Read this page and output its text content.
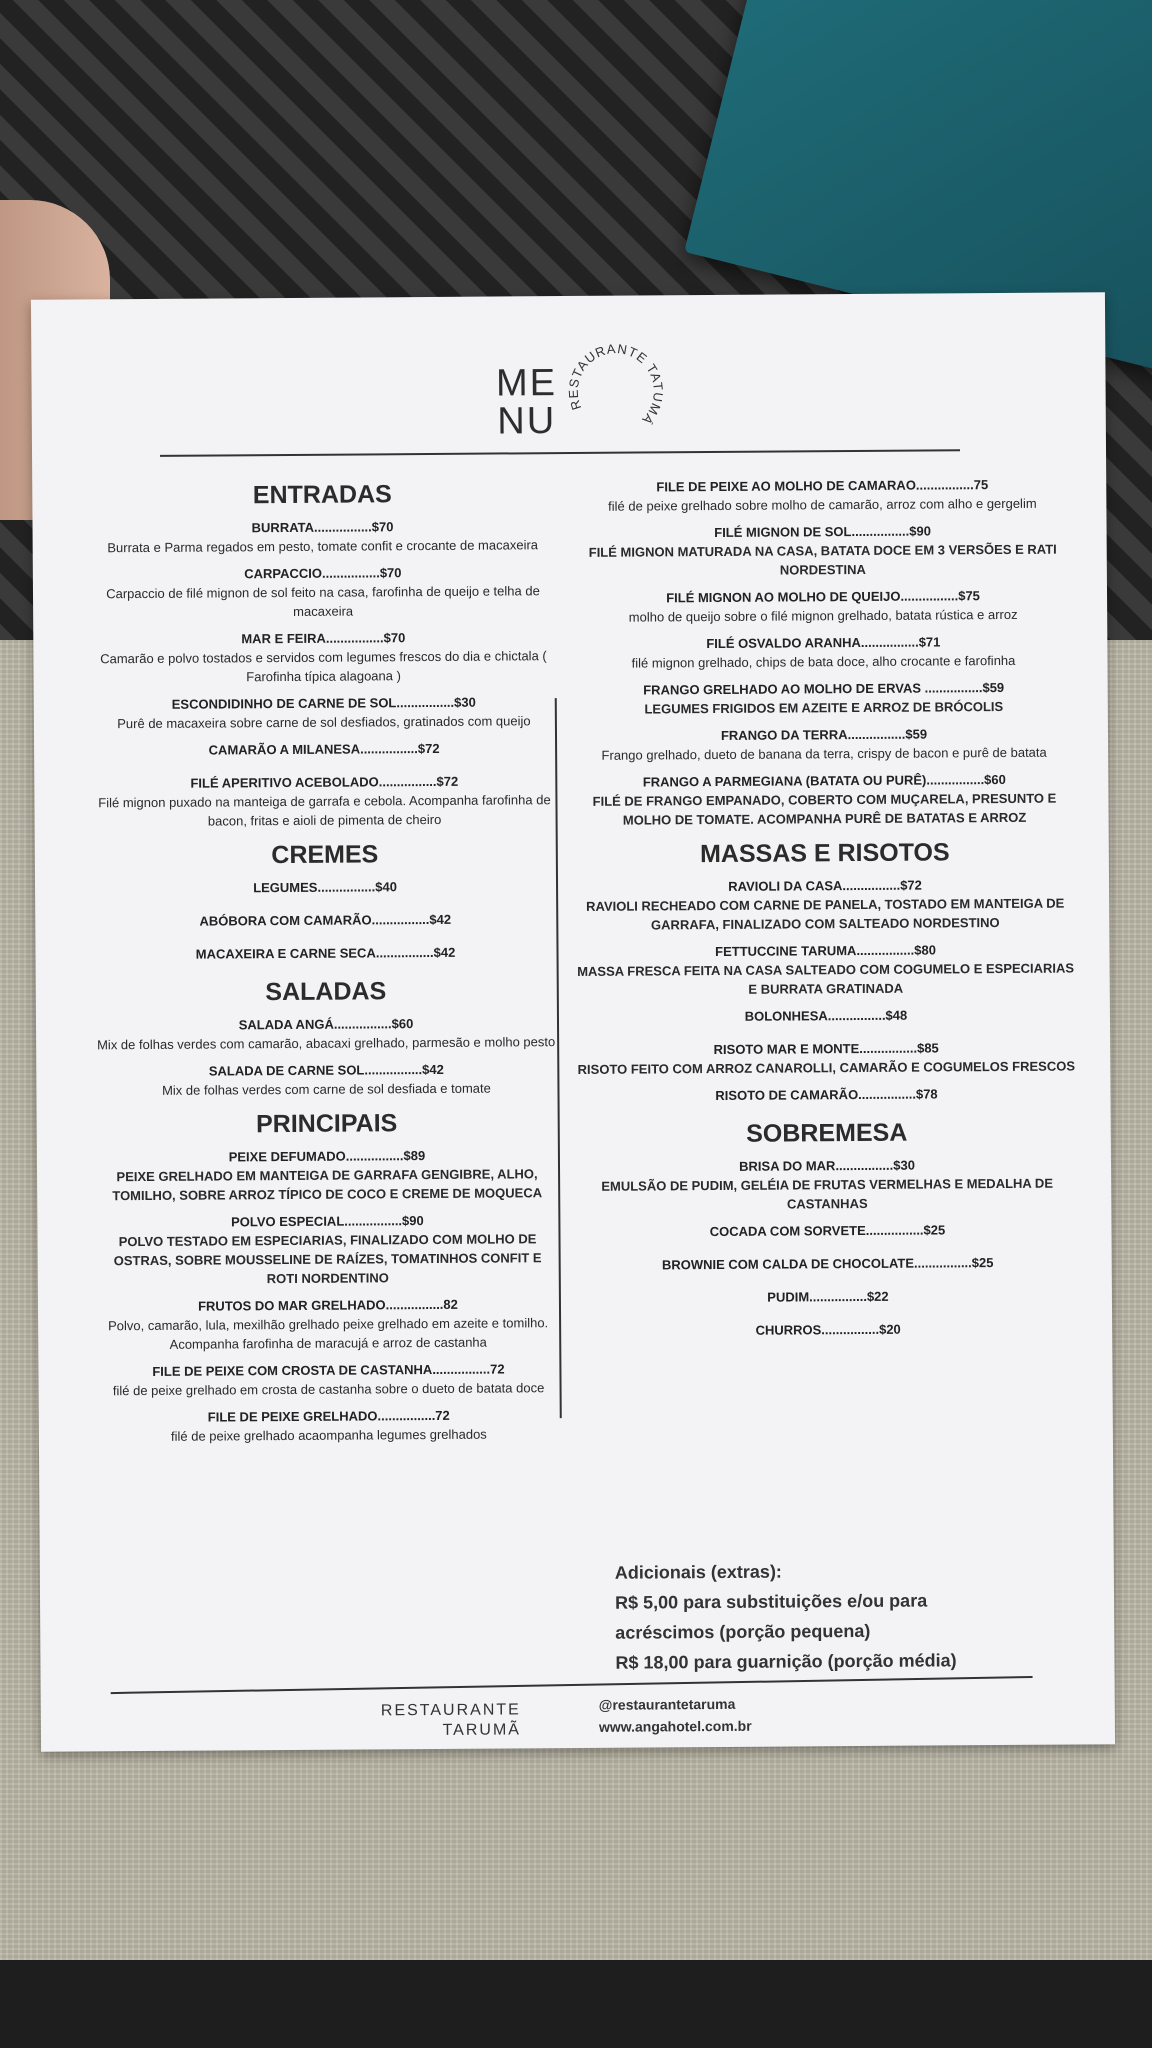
ME
NU RESTAURANTE TATUMÁ
ENTRADAS
BURRATA................$70
Burrata e Parma regados em pesto, tomate confit e crocante de macaxeira
CARPACCIO................$70
Carpaccio de filé mignon de sol feito na casa, farofinha de queijo e telha de macaxeira
MAR E FEIRA................$70
Camarão e polvo tostados e servidos com legumes frescos do dia e chictala ( Farofinha típica alagoana )
ESCONDIDINHO DE CARNE DE SOL................$30
Purê de macaxeira sobre carne de sol desfiados, gratinados com queijo
CAMARÃO A MILANESA................$72
FILÉ APERITIVO ACEBOLADO................$72
Filé mignon puxado na manteiga de garrafa e cebola. Acompanha farofinha de bacon, fritas e aioli de pimenta de cheiro
CREMES
LEGUMES................$40
ABÓBORA COM CAMARÃO................$42
MACAXEIRA E CARNE SECA................$42
SALADAS
SALADA ANGÁ................$60
Mix de folhas verdes com camarão, abacaxi grelhado, parmesão e molho pesto
SALADA DE CARNE SOL................$42
Mix de folhas verdes com carne de sol desfiada e tomate
PRINCIPAIS
PEIXE DEFUMADO................$89
PEIXE GRELHADO EM MANTEIGA DE GARRAFA GENGIBRE, ALHO, TOMILHO, SOBRE ARROZ TÍPICO DE COCO E CREME DE MOQUECA
POLVO ESPECIAL................$90
POLVO TESTADO EM ESPECIARIAS, FINALIZADO COM MOLHO DE OSTRAS, SOBRE MOUSSELINE DE RAÍZES, TOMATINHOS CONFIT E ROTI NORDENTINO
FRUTOS DO MAR GRELHADO................82
Polvo, camarão, lula, mexilhão grelhado peixe grelhado em azeite e tomilho. Acompanha farofinha de maracujá e arroz de castanha
FILE DE PEIXE COM CROSTA DE CASTANHA................72
filé de peixe grelhado em crosta de castanha sobre o dueto de batata doce
FILE DE PEIXE GRELHADO................72
filé de peixe grelhado acaompanha legumes grelhados
FILE DE PEIXE AO MOLHO DE CAMARAO................75
filé de peixe grelhado sobre molho de camarão, arroz com alho e gergelim
FILÉ MIGNON DE SOL................$90
FILÉ MIGNON MATURADA NA CASA, BATATA DOCE EM 3 VERSÕES E RATI NORDESTINA
FILÉ MIGNON AO MOLHO DE QUEIJO................$75
molho de queijo sobre o filé mignon grelhado, batata rústica e arroz
FILÉ OSVALDO ARANHA................$71
filé mignon grelhado, chips de bata doce, alho crocante e farofinha
FRANGO GRELHADO AO MOLHO DE ERVAS ................$59
LEGUMES FRIGIDOS EM AZEITE E ARROZ DE BRÓCOLIS
FRANGO DA TERRA................$59
Frango grelhado, dueto de banana da terra, crispy de bacon e purê de batata
FRANGO A PARMEGIANA (BATATA OU PURÊ)................$60
FILÉ DE FRANGO EMPANADO, COBERTO COM MUÇARELA, PRESUNTO E MOLHO DE TOMATE. ACOMPANHA PURÊ DE BATATAS E ARROZ
MASSAS E RISOTOS
RAVIOLI DA CASA................$72
RAVIOLI RECHEADO COM CARNE DE PANELA, TOSTADO EM MANTEIGA DE GARRAFA, FINALIZADO COM SALTEADO NORDESTINO
FETTUCCINE TARUMA................$80
MASSA FRESCA FEITA NA CASA SALTEADO COM COGUMELO E ESPECIARIAS E BURRATA GRATINADA
BOLONHESA................$48
RISOTO MAR E MONTE................$85
RISOTO FEITO COM ARROZ CANAROLLI, CAMARÃO E COGUMELOS FRESCOS
RISOTO DE CAMARÃO................$78
SOBREMESA
BRISA DO MAR................$30
EMULSÃO DE PUDIM, GELÉIA DE FRUTAS VERMELHAS E MEDALHA DE CASTANHAS
COCADA COM SORVETE................$25
BROWNIE COM CALDA DE CHOCOLATE................$25
PUDIM................$22
CHURROS................$20
Adicionais (extras):
R$ 5,00 para substituições e/ou para
acréscimos (porção pequena)
R$ 18,00 para guarnição (porção média)
RESTAURANTE
TARUMÃ
@restaurantetaruma
www.angahotel.com.br
